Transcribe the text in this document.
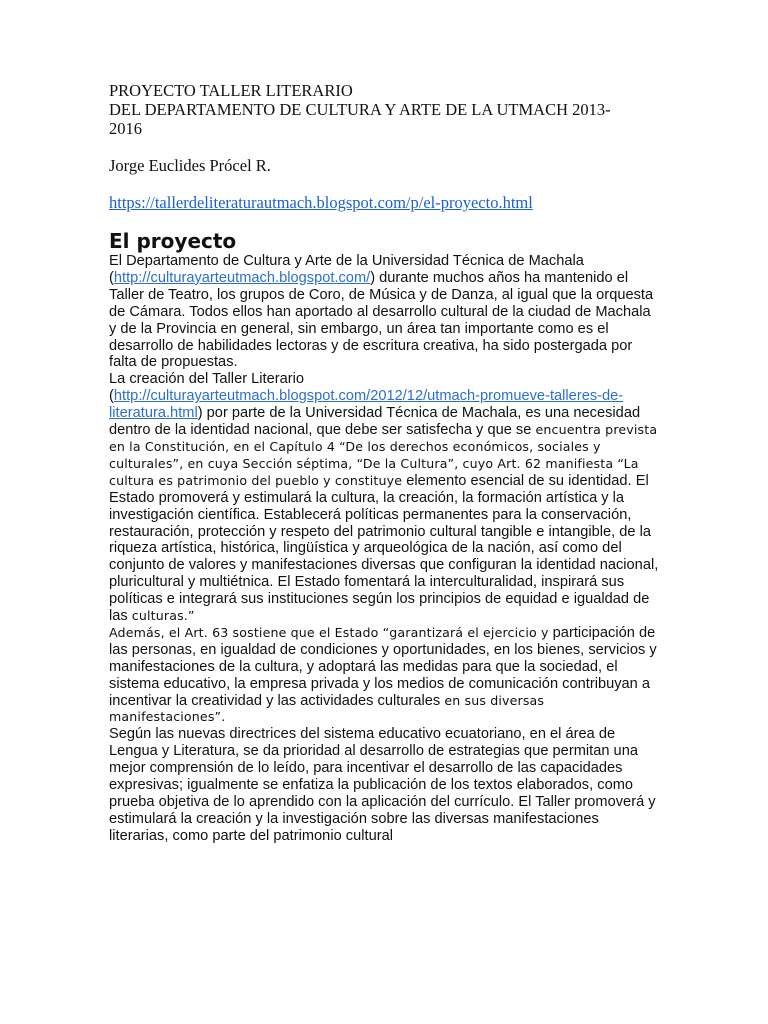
PROYECTO TALLER LITERARIO
DEL DEPARTAMENTO DE CULTURA Y ARTE DE LA UTMACH 2013-
2016
Jorge Euclides Prócel R.
https://tallerdeliteraturautmach.blogspot.com/p/el-proyecto.html
El proyecto

El Departamento de Cultura y Arte de la Universidad Técnica de Machala (http://culturayarteutmach.blogspot.com/) durante muchos años ha mantenido el Taller de Teatro, los grupos de Coro, de Música y de Danza, al igual que la orquesta de Cámara. Todos ellos han aportado al desarrollo cultural de la ciudad de Machala y de la Provincia en general, sin embargo, un área tan importante como es el desarrollo de habilidades lectoras y de escritura creativa, ha sido postergada por falta de propuestas.

La creación del Taller Literario (http://culturayarteutmach.blogspot.com/2012/12/utmach-promueve-talleres-de-literatura.html) por parte de la Universidad Técnica de Machala, es una necesidad dentro de la identidad nacional, que debe ser satisfecha y que se encuentra prevista en la Constitución, en el Capítulo 4 “De los derechos económicos, sociales y culturales”, en cuya Sección séptima, “De la Cultura”, cuyo Art. 62 manifiesta “La cultura es patrimonio del pueblo y constituye elemento esencial de su identidad. El Estado promoverá y estimulará la cultura, la creación, la formación artística y la investigación científica. Establecerá políticas permanentes para la conservación, restauración, protección y respeto del patrimonio cultural tangible e intangible, de la riqueza artística, histórica, lingüística y arqueológica de la nación, así como del conjunto de valores y manifestaciones diversas que configuran la identidad nacional, pluricultural y multiétnica. El Estado fomentará la interculturalidad, inspirará sus políticas e integrará sus instituciones según los principios de equidad e igualdad de las culturas.”

Además, el Art. 63 sostiene que el Estado “garantizará el ejercicio y participación de las personas, en igualdad de condiciones y oportunidades, en los bienes, servicios y manifestaciones de la cultura, y adoptará las medidas para que la sociedad, el sistema educativo, la empresa privada y los medios de comunicación contribuyan a incentivar la creatividad y las actividades culturales en sus diversas manifestaciones”.

Según las nuevas directrices del sistema educativo ecuatoriano, en el área de Lengua y Literatura, se da prioridad al desarrollo de estrategias que permitan una mejor comprensión de lo leído, para incentivar el desarrollo de las capacidades expresivas; igualmente se enfatiza la publicación de los textos elaborados, como prueba objetiva de lo aprendido con la aplicación del currículo. El Taller promoverá y estimulará la creación y la investigación sobre las diversas manifestaciones literarias, como parte del patrimonio cultural
